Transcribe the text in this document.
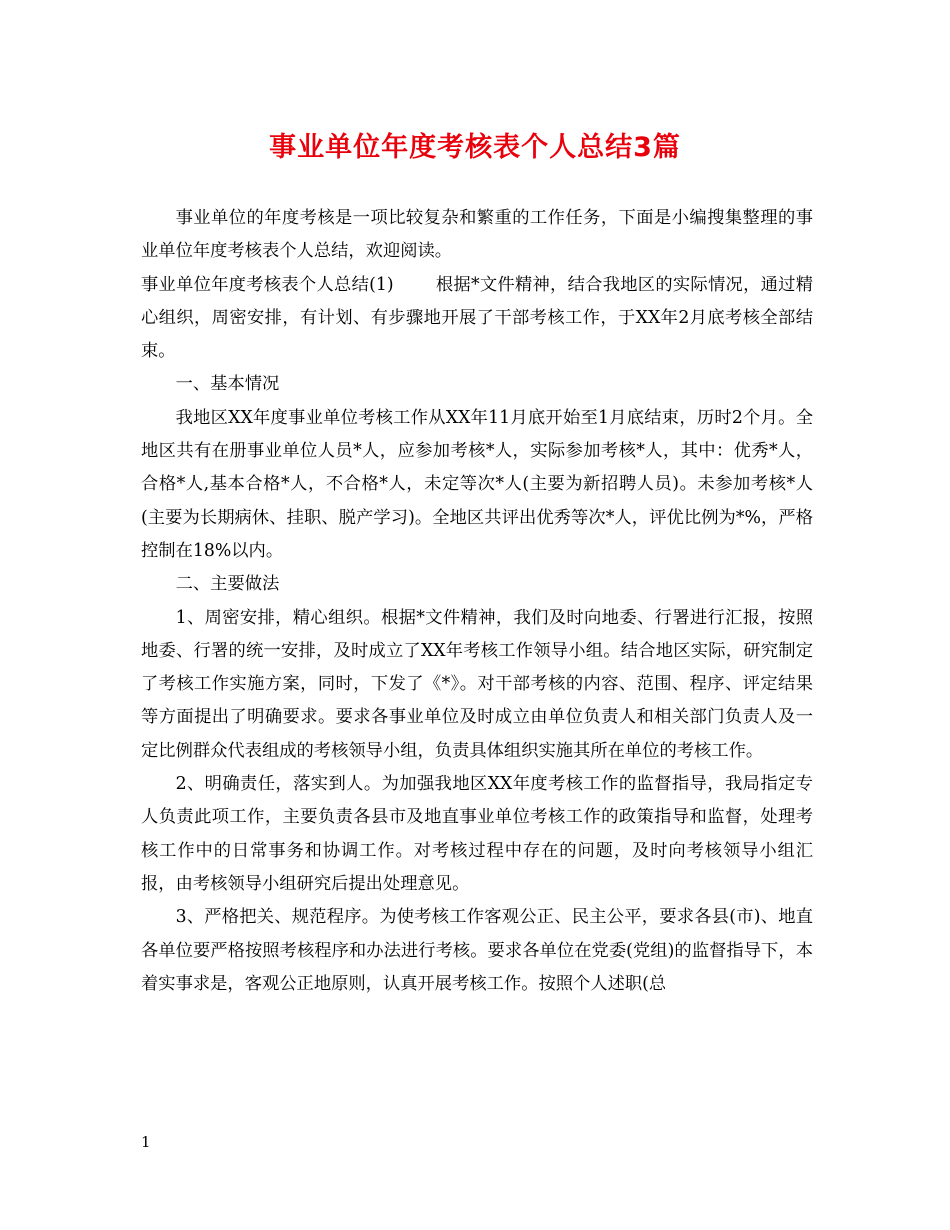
事业单位年度考核表个人总结3篇

事业单位的年度考核是一项比较复杂和繁重的工作任务，下面是小编搜集整理的事业单位年度考核表个人总结，欢迎阅读。

事业单位年度考核表个人总结(1) 根据*文件精神，结合我地区的实际情况，通过精心组织，周密安排，有计划、有步骤地开展了干部考核工作，于XX年2月底考核全部结束。

一、基本情况

我地区XX年度事业单位考核工作从XX年11月底开始至1月底结束，历时2个月。全地区共有在册事业单位人员*人，应参加考核*人，实际参加考核*人，其中：优秀*人，合格*人,基本合格*人，不合格*人，未定等次*人(主要为新招聘人员)。未参加考核*人(主要为长期病休、挂职、脱产学习)。全地区共评出优秀等次*人，评优比例为*%，严格控制在18%以内。

二、主要做法

1、周密安排，精心组织。根据*文件精神，我们及时向地委、行署进行汇报，按照地委、行署的统一安排，及时成立了XX年考核工作领导小组。结合地区实际，研究制定了考核工作实施方案，同时，下发了《*》。对干部考核的内容、范围、程序、评定结果等方面提出了明确要求。要求各事业单位及时成立由单位负责人和相关部门负责人及一定比例群众代表组成的考核领导小组，负责具体组织实施其所在单位的考核工作。

2、明确责任，落实到人。为加强我地区XX年度考核工作的监督指导，我局指定专人负责此项工作，主要负责各县市及地直事业单位考核工作的政策指导和监督，处理考核工作中的日常事务和协调工作。对考核过程中存在的问题，及时向考核领导小组汇报，由考核领导小组研究后提出处理意见。

3、严格把关、规范程序。为使考核工作客观公正、民主公平，要求各县(市)、地直各单位要严格按照考核程序和办法进行考核。要求各单位在党委(党组)的监督指导下，本着实事求是，客观公正地原则，认真开展考核工作。按照个人述职(总

1
